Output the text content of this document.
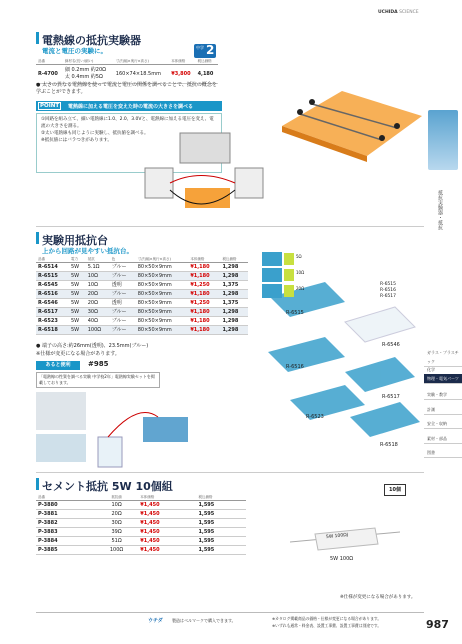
UCHIDA SCIENCE
抵抗実験器・抵抗
ガラス・プラスチック
化学
物理・電気パーツ
実験・教学
計測
安全・収納
素材・部品
図書
電熱線の抵抗実験器
電流と電圧の実験に。	中学 2
品番	線材名(長い/細い)	寸法(幅×奥行×高さ)	本体価格	税込価格
R-4700	細 0.2mm 約20Ω
太 0.4mm 約5Ω	160×74×18.5mm	¥3,800	4,180
● 太さの異なる電熱線を使って電流と電圧の関係を調べることで、抵抗の概念を学ぶことができます。
POINT	電熱線に加える電圧を変えた時の電流の大きさを調べる
①回路を組み立て、細い電熱線に1.0、2.0、3.0Vと、電熱線に加える電圧を変え、電流の大きさを測る。
②太い電熱線も同じように実験し、抵抗値を調べる。
※抵抗値にはバラつきがあります。
実験用抵抗台
上から回路が見やすい抵抗台。
品番	電力	抵抗	色	寸法(幅×奥行×高さ)	本体価格	税込価格
R-6514	5W	5.1Ω	ブルー	80×50×9mm	¥1,180	1,298
R-6515	5W	10Ω	ブルー	80×50×9mm	¥1,180	1,298
R-6545	5W	10Ω	透明	80×50×9mm	¥1,250	1,375
R-6516	5W	20Ω	ブルー	80×50×9mm	¥1,180	1,298
R-6546	5W	20Ω	透明	80×50×9mm	¥1,250	1,375
R-6517	5W	30Ω	ブルー	80×50×9mm	¥1,180	1,298
R-6523	5W	40Ω	ブルー	80×50×9mm	¥1,180	1,298
R-6518	5W	100Ω	ブルー	80×50×9mm	¥1,180	1,298
● 端子の高さ:約26mm(透明)、23.5mm(ブルー)
※仕様が変更になる場合があります。
あると便利	#985
「電熱線の性質を調べる実験 中学校2年」電熱線実験セットを掲載しております。
5Ω
10Ω
20Ω
R-6515
R-6516
R-6517
R-6515
R-6516
R-6546
R-6523
R-6517
R-6518
セメント抵抗 5W 10個組
品番	抵抗値	本体価格	税込価格
P-3880	10Ω	¥1,450	1,595
P-3881	20Ω	¥1,450	1,595
P-3882	30Ω	¥1,450	1,595
P-3883	39Ω	¥1,450	1,595
P-3884	51Ω	¥1,450	1,595
P-3885	100Ω	¥1,450	1,595
10個
5W 100ΩJ
5W 100Ω
※仕様が変更になる場合があります。
ウチダ 製造はベルマークで購入できます。	※カタログ掲載商品の価格・仕様が変更になる場合があります。
※いずれも通常・料金表、設置工事費、設置工事費は別途です。	987
